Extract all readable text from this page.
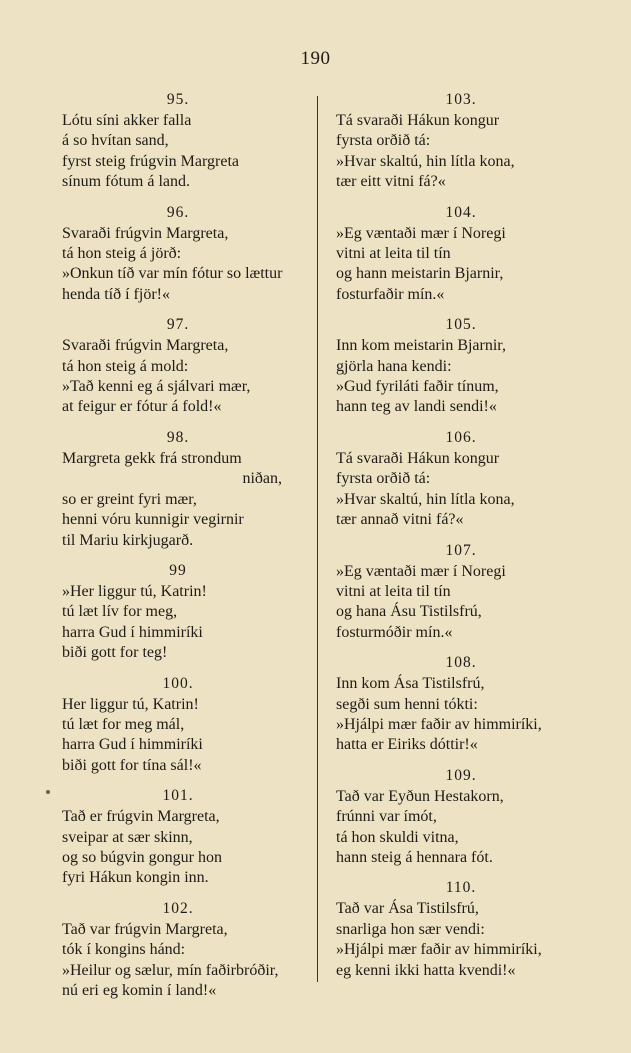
190
95.
Lótu síni akker falla
á so hvítan sand,
fyrst steig frúgvin Margreta
sínum fótum á land.
96.
Svaraði frúgvin Margreta,
tá hon steig á jörð:
»Onkun tíð var mín fótur so lættur
henda tíð í fjör!«
97.
Svaraði frúgvin Margreta,
tá hon steig á mold:
»Tað kenni eg á sjálvari mær,
at feigur er fótur á fold!«
98.
Margreta gekk frá strondum
niðan,
so er greint fyri mær,
henni vóru kunnigir vegirnir
til Mariu kirkjugarð.
99
»Her liggur tú, Katrin!
tú læt lív for meg,
harra Gud í himmiríki
biði gott for teg!
100.
Her liggur tú, Katrin!
tú læt for meg mál,
harra Gud í himmiríki
biði gott for tína sál!«
101.
Tað er frúgvin Margreta,
sveipar at sær skinn,
og so búgvin gongur hon
fyri Hákun kongin inn.
102.
Tað var frúgvin Margreta,
tók í kongins hánd:
»Heilur og sælur, mín faðirbróðir,
nú eri eg komin í land!«
103.
Tá svaraði Hákun kongur
fyrsta orðið tá:
»Hvar skaltú, hin lítla kona,
tær eitt vitni fá?«
104.
»Eg væntaði mær í Noregi
vitni at leita til tín
og hann meistarin Bjarnir,
fosturfaðir mín.«
105.
Inn kom meistarin Bjarnir,
gjörla hana kendi:
»Gud fyriláti faðir tínum,
hann teg av landi sendi!«
106.
Tá svaraði Hákun kongur
fyrsta orðið tá:
»Hvar skaltú, hin lítla kona,
tær annað vitni fá?«
107.
»Eg væntaði mær í Noregi
vitni at leita til tín
og hana Ásu Tistilsfrú,
fosturmóðir mín.«
108.
Inn kom Ása Tistilsfrú,
segði sum henni tókti:
»Hjálpi mær faðir av himmiríki,
hatta er Eiriks dóttir!«
109.
Tað var Eyðun Hestakorn,
frúnni var ímót,
tá hon skuldi vitna,
hann steig á hennara fót.
110.
Tað var Ása Tistilsfrú,
snarliga hon sær vendi:
»Hjálpi mær faðir av himmiríki,
eg kenni ikki hatta kvendi!«
